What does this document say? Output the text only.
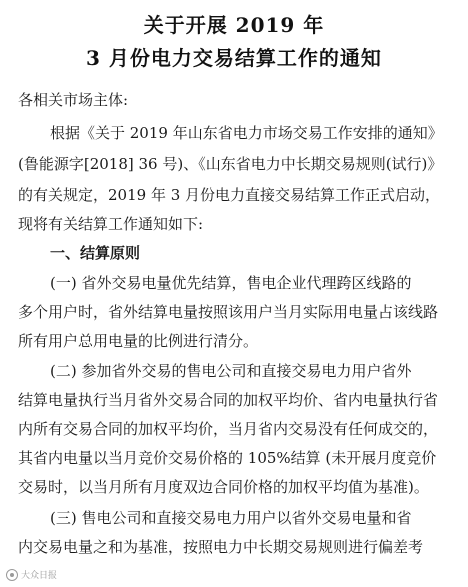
关于开展 2019 年
3 月份电力交易结算工作的通知
各相关市场主体:
根据《关于 2019 年山东省电力市场交易工作安排的通知》
(鲁能源字[2018] 36 号)、《山东省电力中长期交易规则(试行)》
的有关规定，2019 年 3 月份电力直接交易结算工作正式启动，
现将有关结算工作通知如下:
一、结算原则
(一) 省外交易电量优先结算，售电企业代理跨区线路的
多个用户时，省外结算电量按照该用户当月实际用电量占该线路
所有用户总用电量的比例进行清分。
(二) 参加省外交易的售电公司和直接交易电力用户省外
结算电量执行当月省外交易合同的加权平均价、省内电量执行省
内所有交易合同的加权平均价，当月省内交易没有任何成交的，
其省内电量以当月竞价交易价格的 105%结算 (未开展月度竞价
交易时，以当月所有月度双边合同价格的加权平均值为基准)。
(三) 售电公司和直接交易电力用户以省外交易电量和省
内交易电量之和为基准，按照电力中长期交易规则进行偏差考
大众日报
